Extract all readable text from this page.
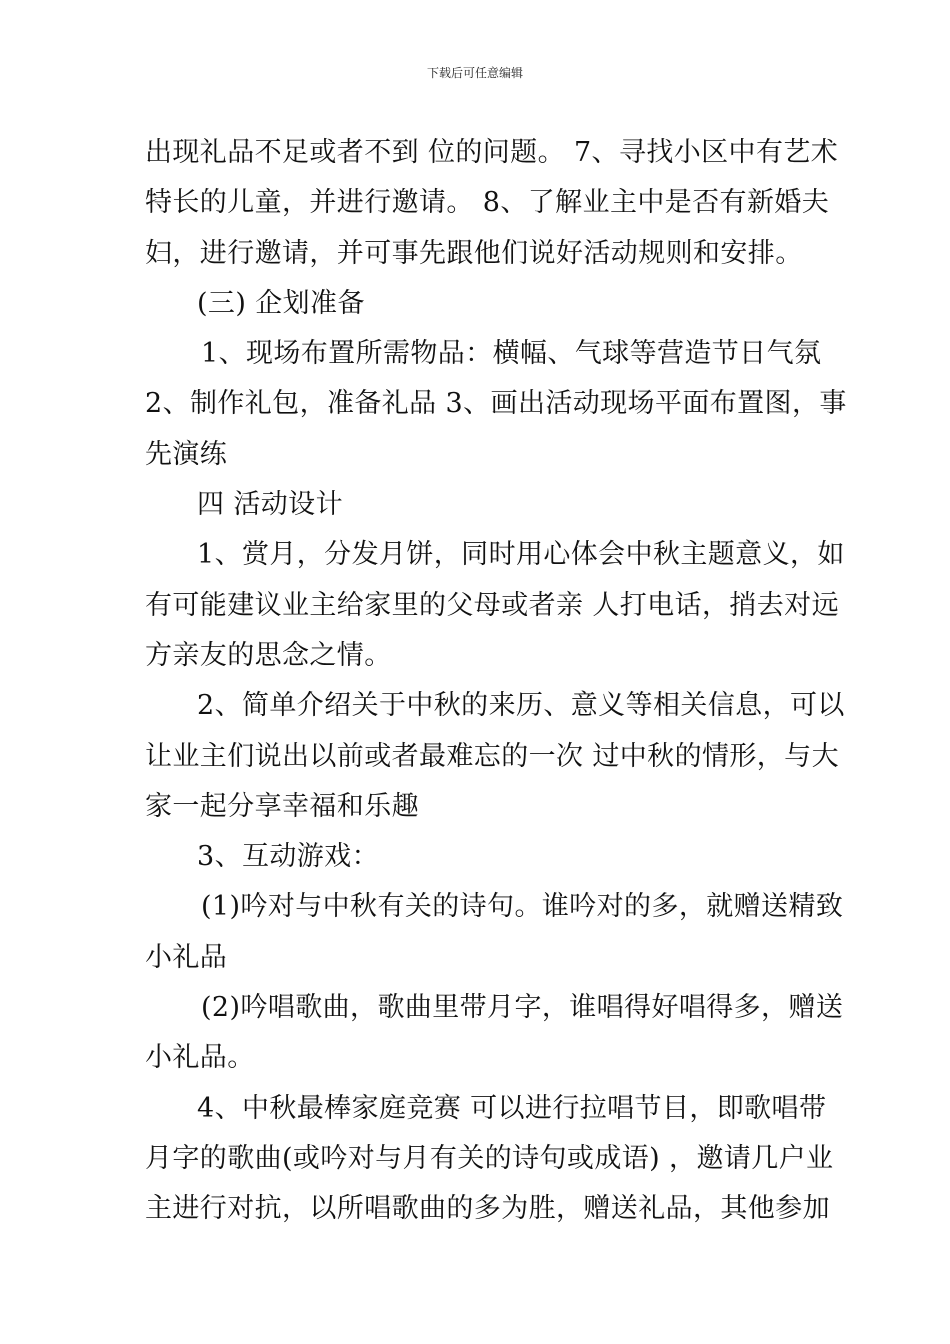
下载后可任意编辑
出现礼品不足或者不到 位的问题。 7、寻找小区中有艺术
特长的儿童，并进行邀请。 8、了解业主中是否有新婚夫
妇，进行邀请，并可事先跟他们说好活动规则和安排。
(三) 企划准备
1、现场布置所需物品：横幅、气球等营造节日气氛
2、制作礼包，准备礼品 3、画出活动现场平面布置图，事
先演练
四 活动设计
1、赏月，分发月饼，同时用心体会中秋主题意义，如
有可能建议业主给家里的父母或者亲 人打电话，捎去对远
方亲友的思念之情。
2、简单介绍关于中秋的来历、意义等相关信息，可以
让业主们说出以前或者最难忘的一次 过中秋的情形，与大
家一起分享幸福和乐趣
3、互动游戏：
(1)吟对与中秋有关的诗句。谁吟对的多，就赠送精致
小礼品
(2)吟唱歌曲，歌曲里带月字，谁唱得好唱得多，赠送
小礼品。
4、中秋最棒家庭竞赛 可以进行拉唱节目，即歌唱带
月字的歌曲(或吟对与月有关的诗句或成语) ，邀请几户业
主进行对抗，以所唱歌曲的多为胜，赠送礼品，其他参加
